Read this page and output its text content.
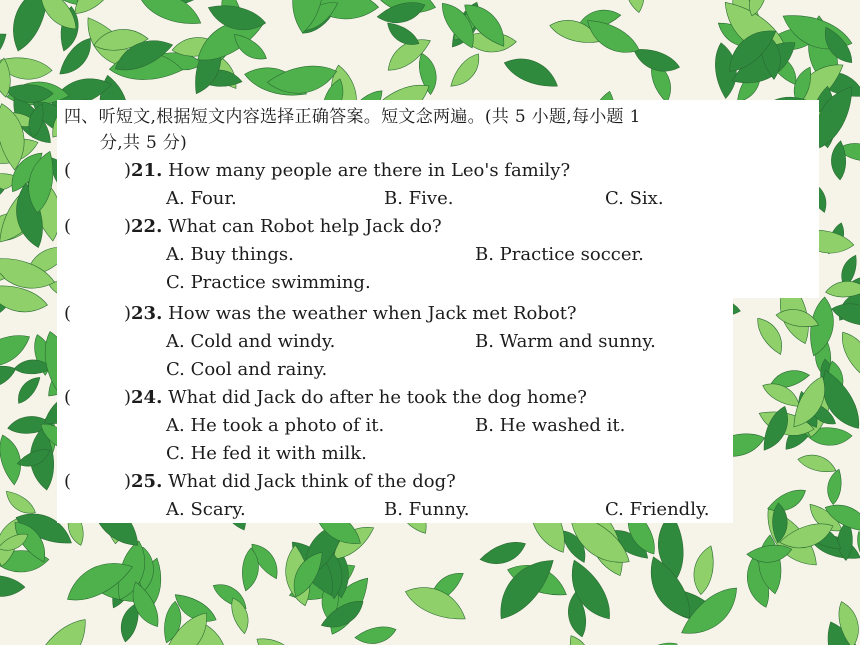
四、听短文,根据短文内容选择正确答案。短文念两遍。(共 5 小题,每小题 1
分,共 5 分)
(	)21. How many people are there in Leo's family?
A. Four.	B. Five.	C. Six.
(	)22. What can Robot help Jack do?
A. Buy things.	B. Practice soccer.
C. Practice swimming.
(	)23. How was the weather when Jack met Robot?
A. Cold and windy.	B. Warm and sunny.
C. Cool and rainy.
(	)24. What did Jack do after he took the dog home?
A. He took a photo of it.	B. He washed it.
C. He fed it with milk.
(	)25. What did Jack think of the dog?
A. Scary.	B. Funny.	C. Friendly.
